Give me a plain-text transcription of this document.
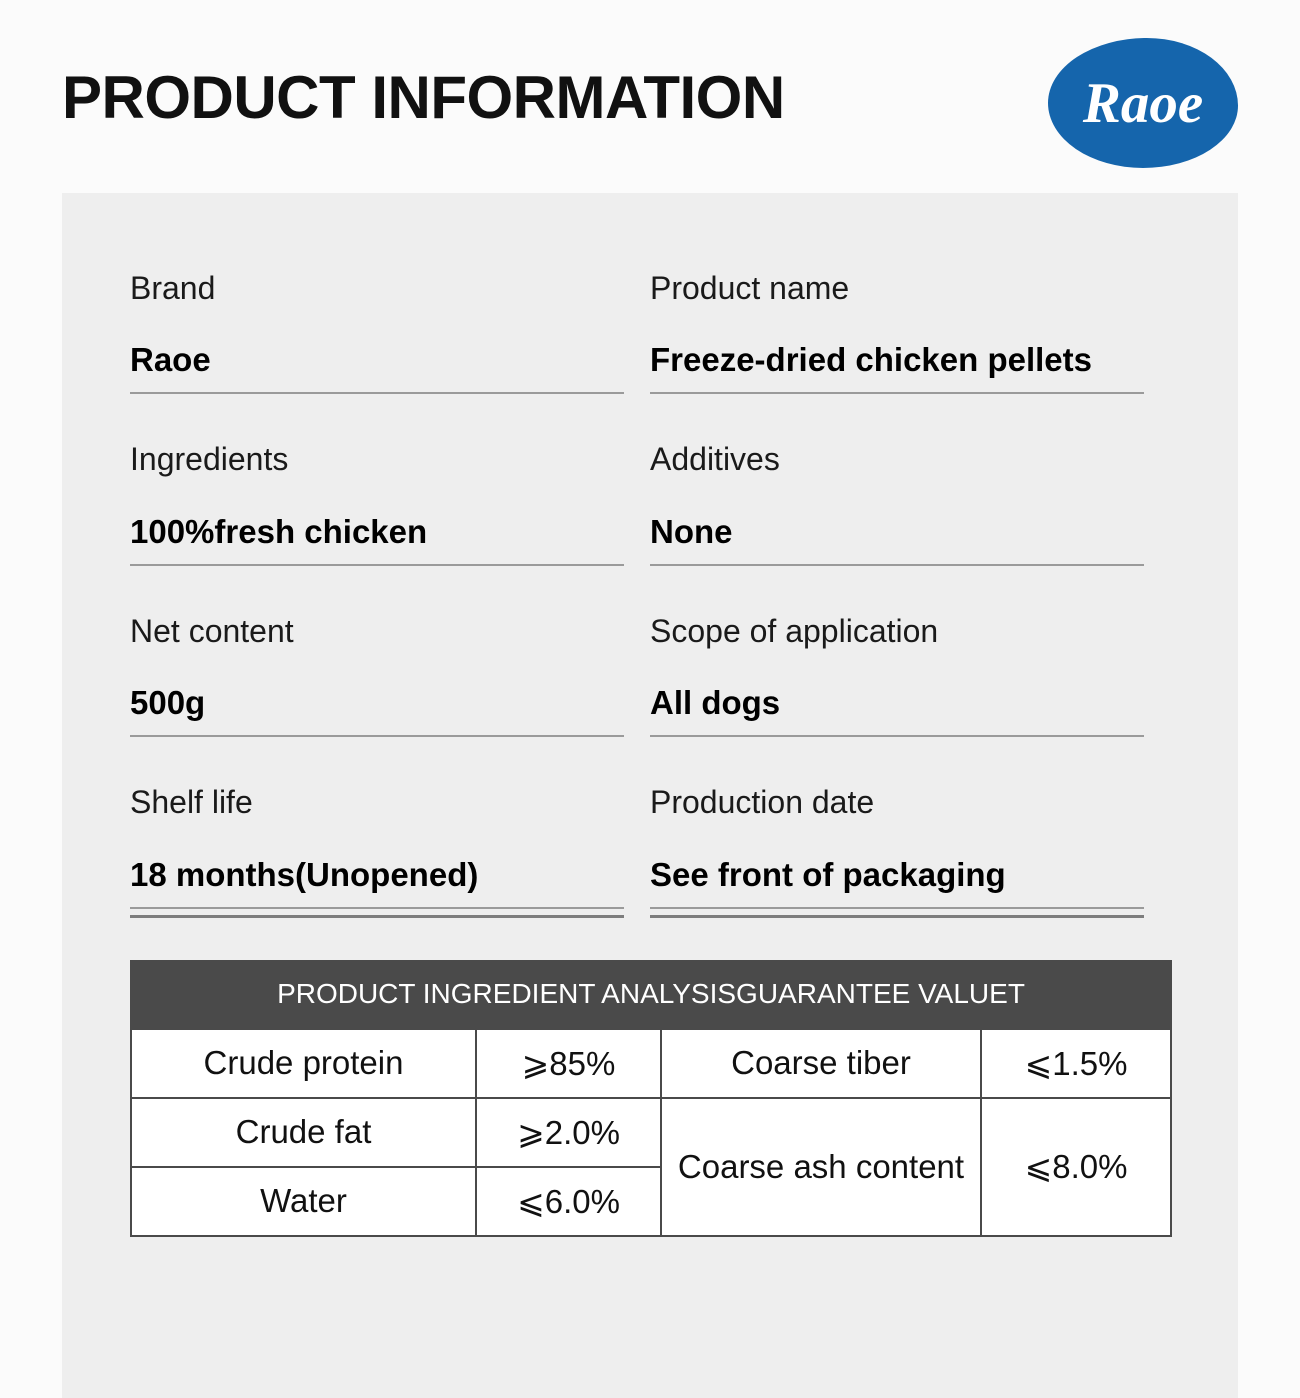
PRODUCT INFORMATION	Raoe
Brand
Raoe
Product name
Freeze-dried chicken pellets
Ingredients
100%fresh chicken
Additives
None
Net content
500g
Scope of application
All dogs
Shelf life
18 months(Unopened)
Production date
See front of packaging
PRODUCT INGREDIENT ANALYSISGUARANTEE VALUET			
Crude protein	⩾85%	Coarse tiber	⩽1.5%
Crude fat	⩾2.0%	Coarse ash content	⩽8.0%
Water	⩽6.0%		
